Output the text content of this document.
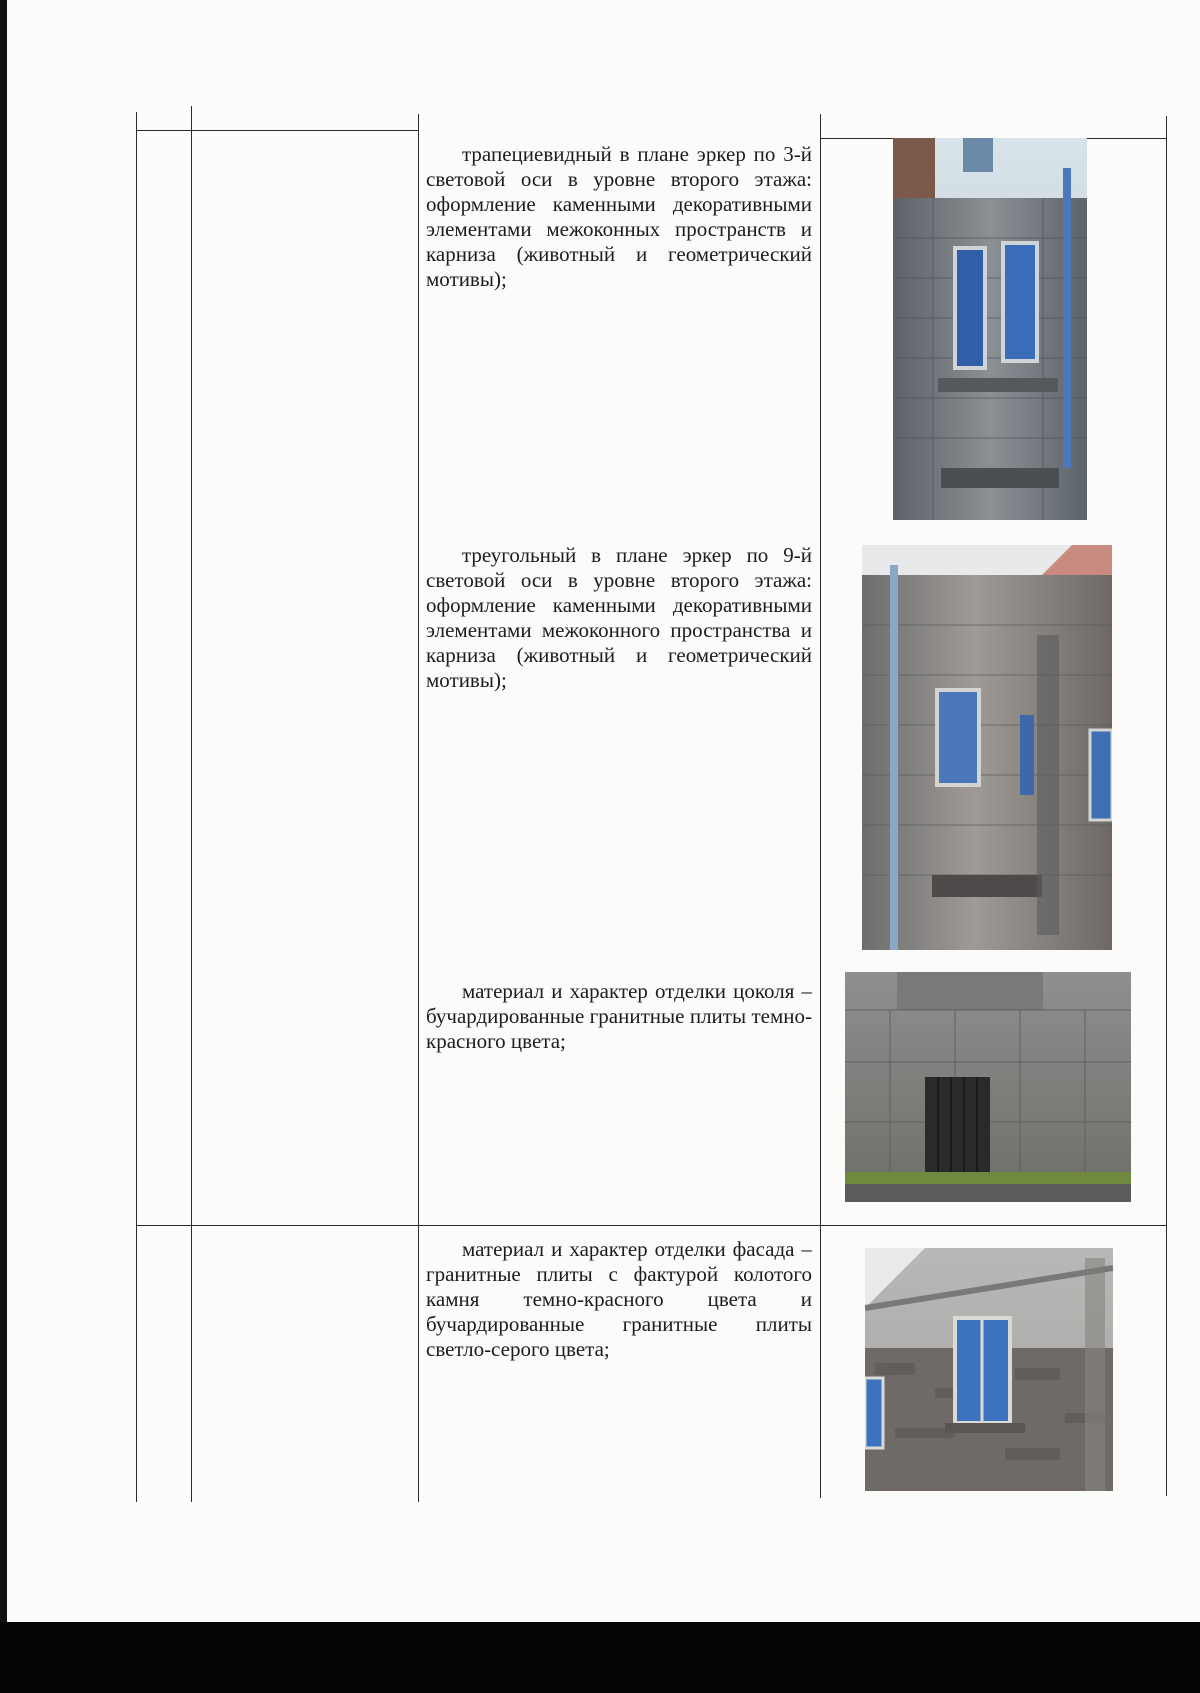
трапециевидный в плане эркер по 3-й световой оси в уровне второго этажа: оформление каменными декоративными элементами межоконных пространств и карниза (животный и геометрический мотивы);

треугольный в плане эркер по 9-й световой оси в уровне второго этажа: оформление каменными декоративными элементами межоконного пространства и карниза (животный и геометрический мотивы);

материал и характер отделки цоколя – бучардированные гранитные плиты темно-красного цвета;

материал и характер отделки фасада – гранитные плиты с фактурой колотого камня темно-красного цвета и бучардированные гранитные плиты светло-серого цвета;
